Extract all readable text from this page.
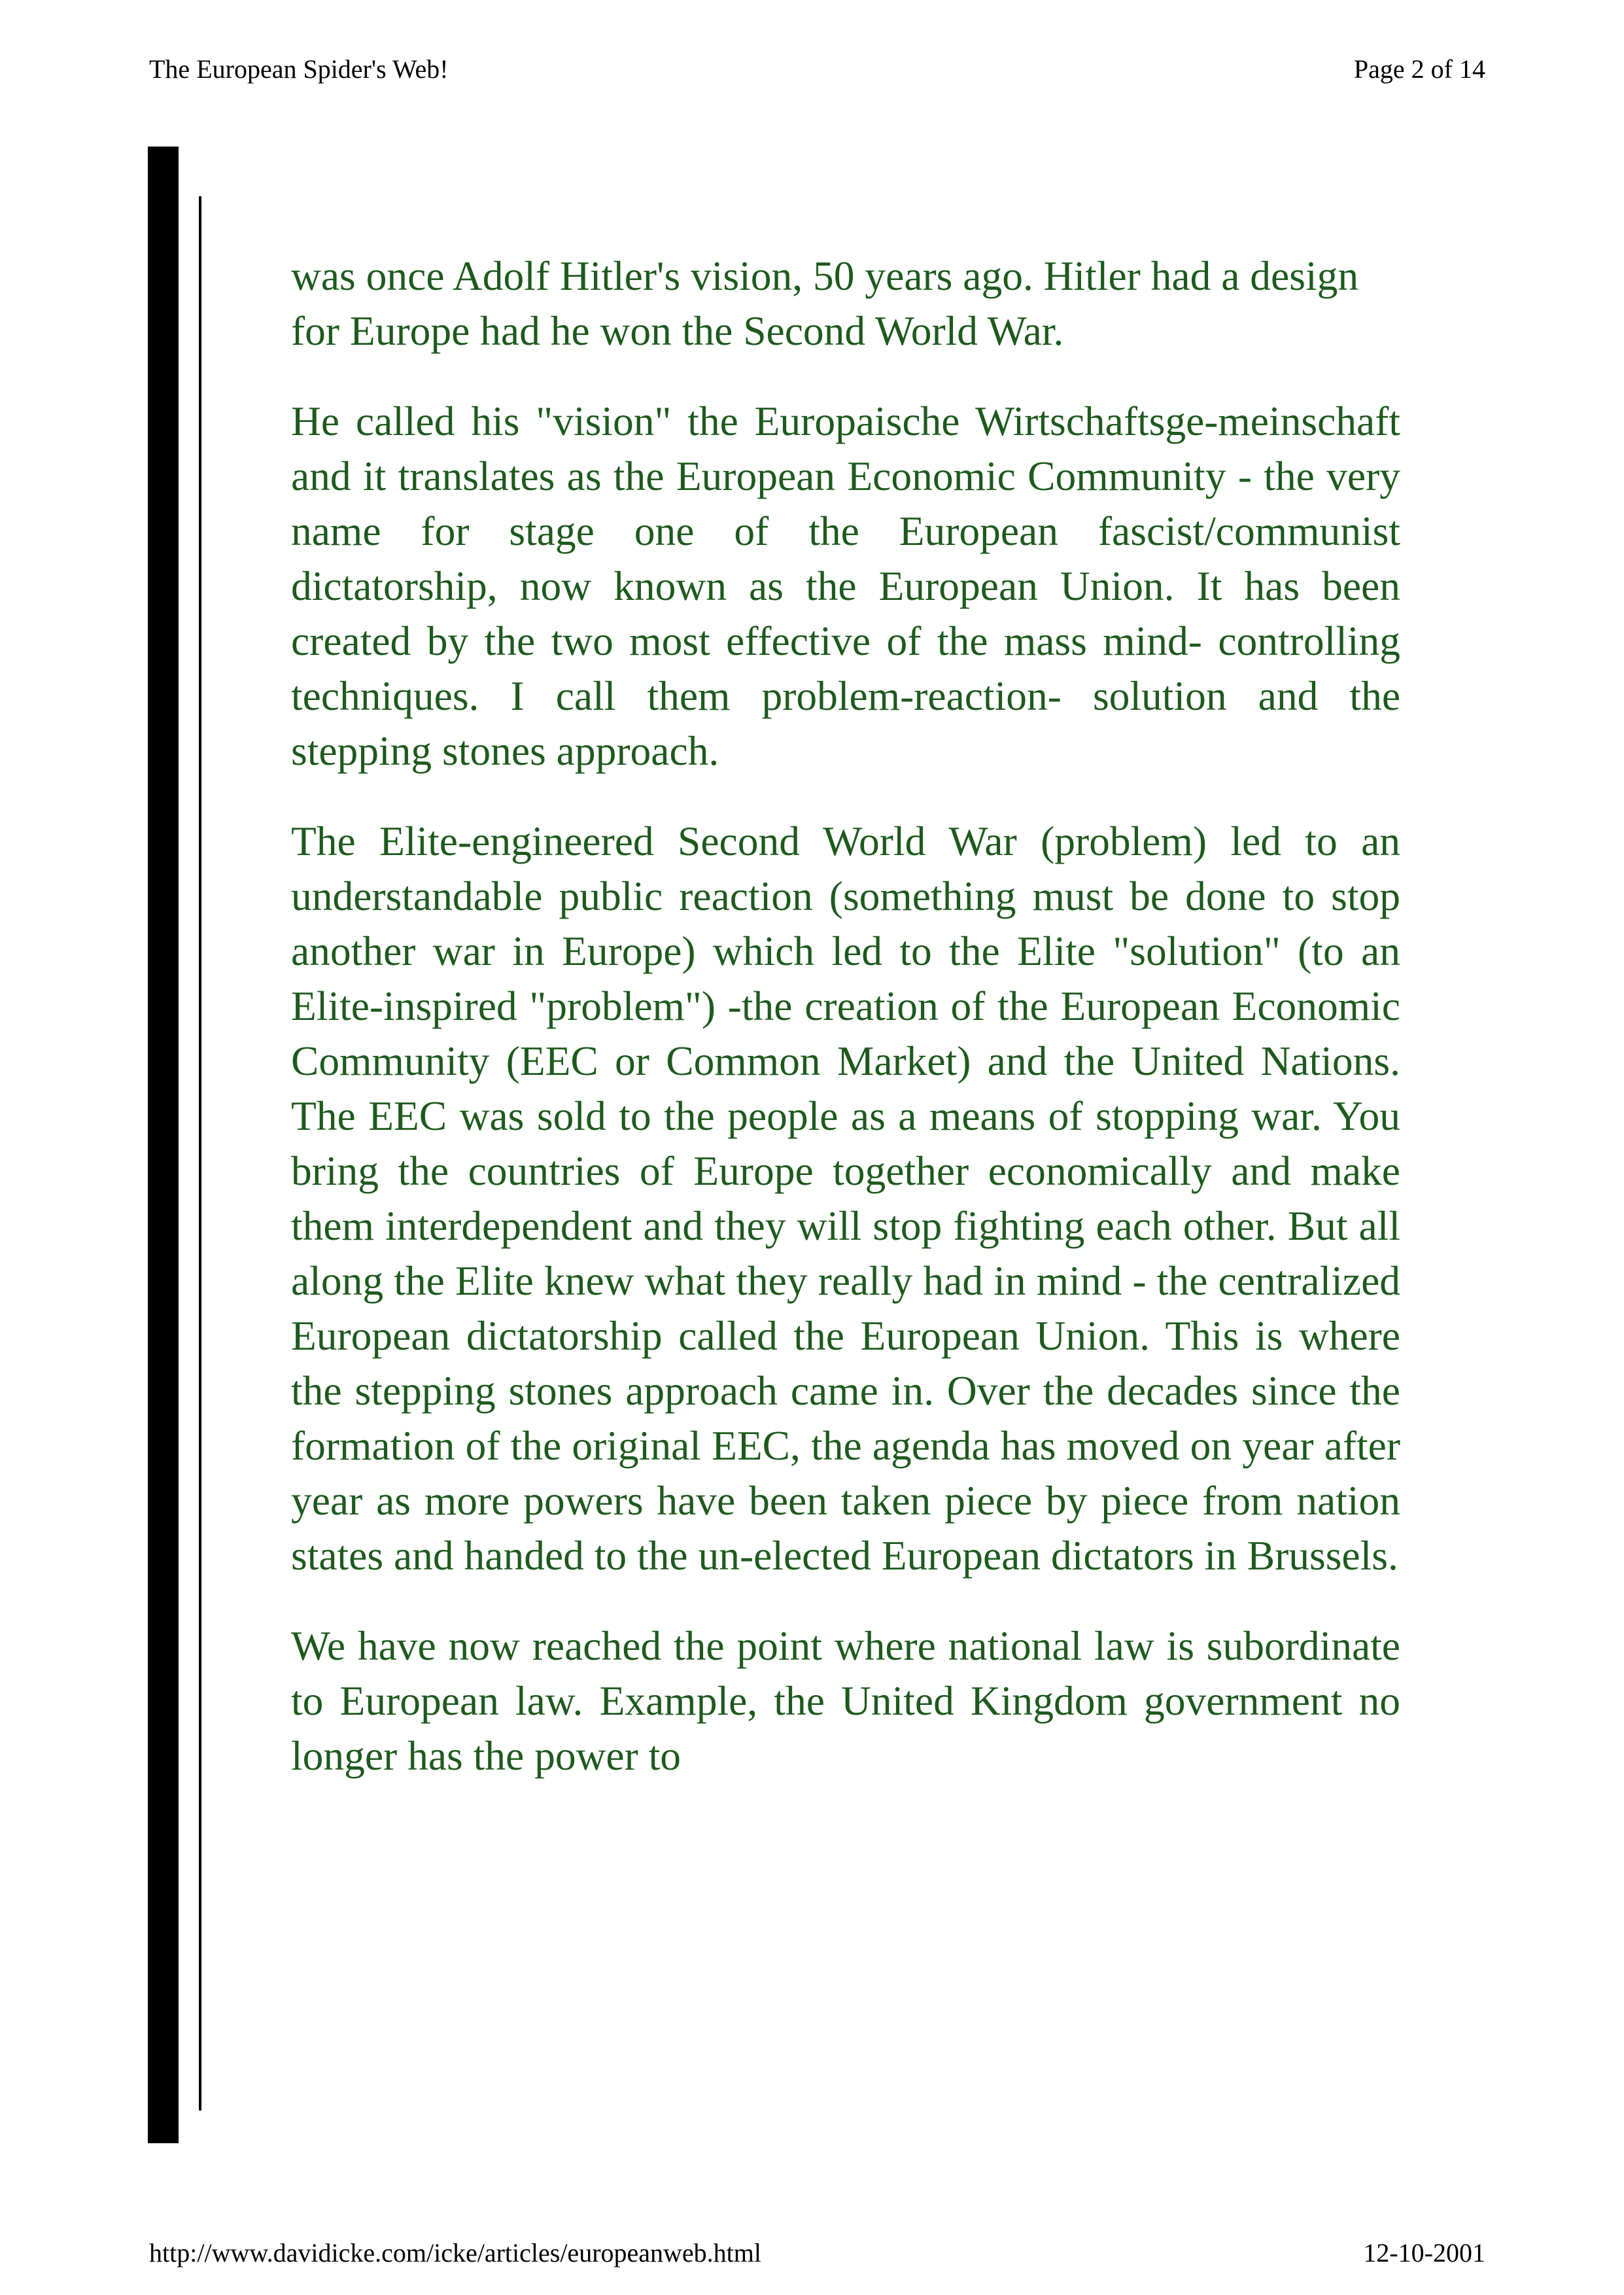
The European Spider's Web!	Page 2 of 14

was once Adolf Hitler's vision, 50 years ago. Hitler had a design for Europe had he won the Second World War.

He called his "vision" the Europaische Wirtschaftsge-meinschaft and it translates as the European Economic Community - the very name for stage one of the European fascist/communist dictatorship, now known as the European Union. It has been created by the two most effective of the mass mind- controlling techniques. I call them problem-reaction- solution and the stepping stones approach.

The Elite-engineered Second World War (problem) led to an understandable public reaction (something must be done to stop another war in Europe) which led to the Elite "solution" (to an Elite-inspired "problem") -the creation of the European Economic Community (EEC or Common Market) and the United Nations. The EEC was sold to the people as a means of stopping war. You bring the countries of Europe together economically and make them interdependent and they will stop fighting each other. But all along the Elite knew what they really had in mind - the centralized European dictatorship called the European Union. This is where the stepping stones approach came in. Over the decades since the formation of the original EEC, the agenda has moved on year after year as more powers have been taken piece by piece from nation states and handed to the un-elected European dictators in Brussels.

We have now reached the point where national law is subordinate to European law. Example, the United Kingdom government no longer has the power to

http://www.davidicke.com/icke/articles/europeanweb.html	12-10-2001
